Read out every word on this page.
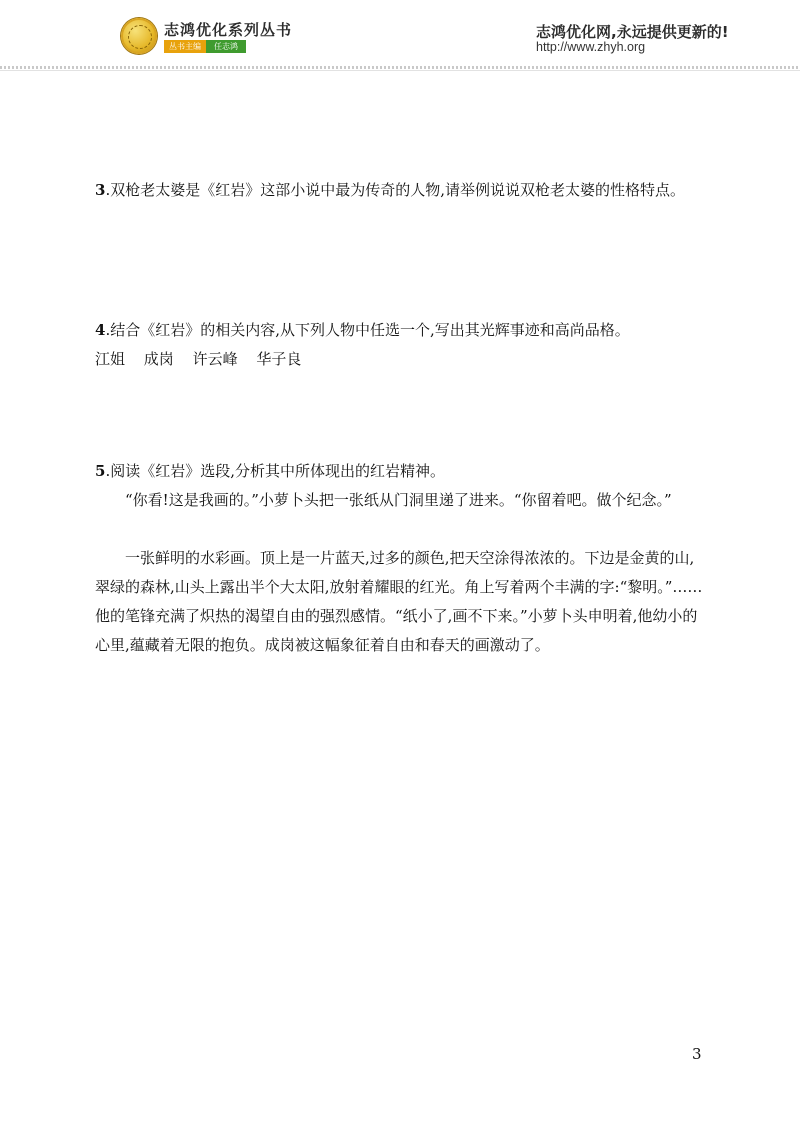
志鸿优化系列丛书
丛书主编	任志鸿
志鸿优化网,永远提供更新的!
http://www.zhyh.org
3.双枪老太婆是《红岩》这部小说中最为传奇的人物,请举例说说双枪老太婆的性格特点。
4.结合《红岩》的相关内容,从下列人物中任选一个,写出其光辉事迹和高尚品格。
江姐 成岗 许云峰 华子良
5.阅读《红岩》选段,分析其中所体现出的红岩精神。
“你看!这是我画的。”小萝卜头把一张纸从门洞里递了进来。“你留着吧。做个纪念。”
一张鲜明的水彩画。顶上是一片蓝天,过多的颜色,把天空涂得浓浓的。下边是金黄的山,翠绿的森林,山头上露出半个大太阳,放射着耀眼的红光。角上写着两个丰满的字:“黎明。”……他的笔锋充满了炽热的渴望自由的强烈感情。“纸小了,画不下来。”小萝卜头申明着,他幼小的心里,蕴藏着无限的抱负。成岗被这幅象征着自由和春天的画激动了。
3
